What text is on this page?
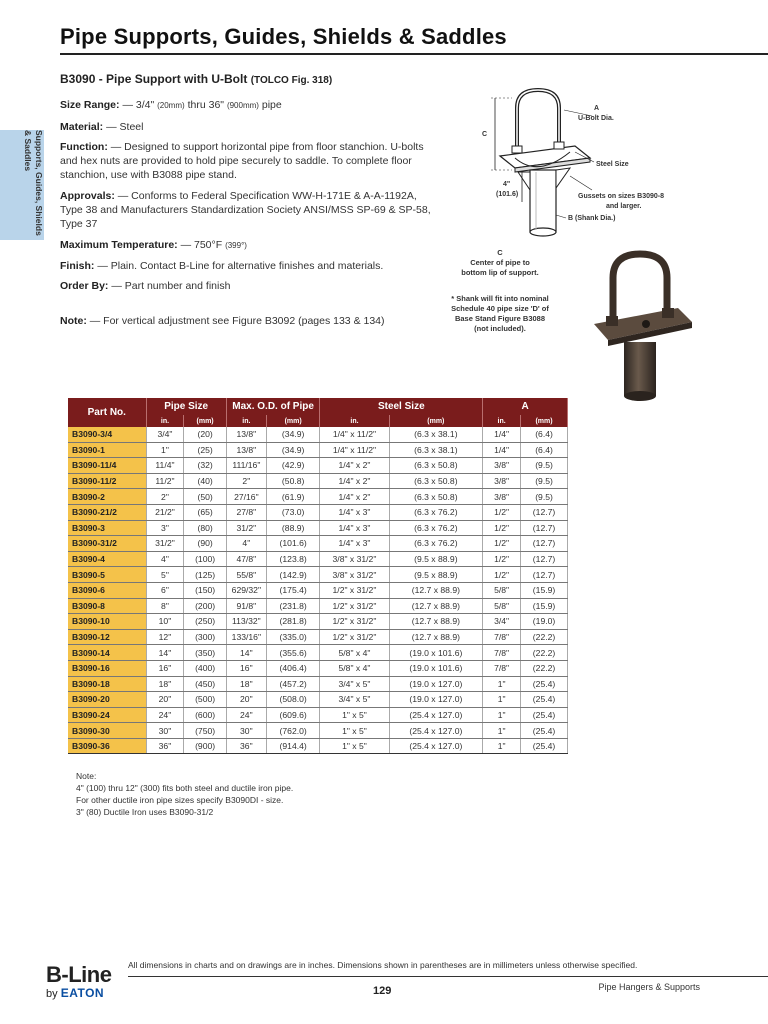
Pipe Supports, Guides, Shields & Saddles
Supports, Guides, Shields & Saddles
B3090 - Pipe Support with U-Bolt (TOLCO Fig. 318)
Size Range: — 3/4" (20mm) thru 36" (900mm) pipe
Material: — Steel
Function: — Designed to support horizontal pipe from floor stanchion. U-bolts and hex nuts are provided to hold pipe securely to saddle. To complete floor stanchion, use with B3088 pipe stand.
Approvals: — Conforms to Federal Specification WW-H-171E & A-A-1192A, Type 38 and Manufacturers Standardization Society ANSI/MSS SP-69 & SP-58, Type 37
Maximum Temperature: — 750°F (399°)
Finish: — Plain. Contact B-Line for alternative finishes and materials.
Order By: — Part number and finish
Note: — For vertical adjustment see Figure B3092 (pages 133 & 134)
A
U-Bolt Dia.
C
Steel Size
4"
(101.6)	Gussets on sizes B3090-8
and larger.
B (Shank Dia.)
C
Center of pipe to
bottom lip of support.
* Shank will fit into nominal
Schedule 40 pipe size 'D' of
Base Stand Figure B3088
(not included).
Part No.	Pipe Size		Max. O.D. of Pipe		Steel Size		A	
	in.	(mm)	in.	(mm)	in.	(mm)	in.	(mm)
B3090-3/4	3/4"	(20)	13/8"	(34.9)	1/4" x 11/2"	(6.3 x 38.1)	1/4"	(6.4)
B3090-1	1"	(25)	13/8"	(34.9)	1/4" x 11/2"	(6.3 x 38.1)	1/4"	(6.4)
B3090-11/4	11/4"	(32)	111/16"	(42.9)	1/4" x 2"	(6.3 x 50.8)	3/8"	(9.5)
B3090-11/2	11/2"	(40)	2"	(50.8)	1/4" x 2"	(6.3 x 50.8)	3/8"	(9.5)
B3090-2	2"	(50)	27/16"	(61.9)	1/4" x 2"	(6.3 x 50.8)	3/8"	(9.5)
B3090-21/2	21/2"	(65)	27/8"	(73.0)	1/4" x 3"	(6.3 x 76.2)	1/2"	(12.7)
B3090-3	3"	(80)	31/2"	(88.9)	1/4" x 3"	(6.3 x 76.2)	1/2"	(12.7)
B3090-31/2	31/2"	(90)	4"	(101.6)	1/4" x 3"	(6.3 x 76.2)	1/2"	(12.7)
B3090-4	4"	(100)	47/8"	(123.8)	3/8" x 31/2"	(9.5 x 88.9)	1/2"	(12.7)
B3090-5	5"	(125)	55/8"	(142.9)	3/8" x 31/2"	(9.5 x 88.9)	1/2"	(12.7)
B3090-6	6"	(150)	629/32"	(175.4)	1/2" x 31/2"	(12.7 x 88.9)	5/8"	(15.9)
B3090-8	8"	(200)	91/8"	(231.8)	1/2" x 31/2"	(12.7 x 88.9)	5/8"	(15.9)
B3090-10	10"	(250)	113/32"	(281.8)	1/2" x 31/2"	(12.7 x 88.9)	3/4"	(19.0)
B3090-12	12"	(300)	133/16"	(335.0)	1/2" x 31/2"	(12.7 x 88.9)	7/8"	(22.2)
B3090-14	14"	(350)	14"	(355.6)	5/8" x 4"	(19.0 x 101.6)	7/8"	(22.2)
B3090-16	16"	(400)	16"	(406.4)	5/8" x 4"	(19.0 x 101.6)	7/8"	(22.2)
B3090-18	18"	(450)	18"	(457.2)	3/4" x 5"	(19.0 x 127.0)	1"	(25.4)
B3090-20	20"	(500)	20"	(508.0)	3/4" x 5"	(19.0 x 127.0)	1"	(25.4)
B3090-24	24"	(600)	24"	(609.6)	1" x 5"	(25.4 x 127.0)	1"	(25.4)
B3090-30	30"	(750)	30"	(762.0)	1" x 5"	(25.4 x 127.0)	1"	(25.4)
B3090-36	36"	(900)	36"	(914.4)	1" x 5"	(25.4 x 127.0)	1"	(25.4)
Note:
4" (100) thru 12" (300) fits both steel and ductile iron pipe.
For other ductile iron pipe sizes specify B3090DI - size.
3" (80) Ductile Iron uses B3090-31/2
B-Line
by EATON
All dimensions in charts and on drawings are in inches. Dimensions shown in parentheses are in millimeters unless otherwise specified.
129	Pipe Hangers & Supports
